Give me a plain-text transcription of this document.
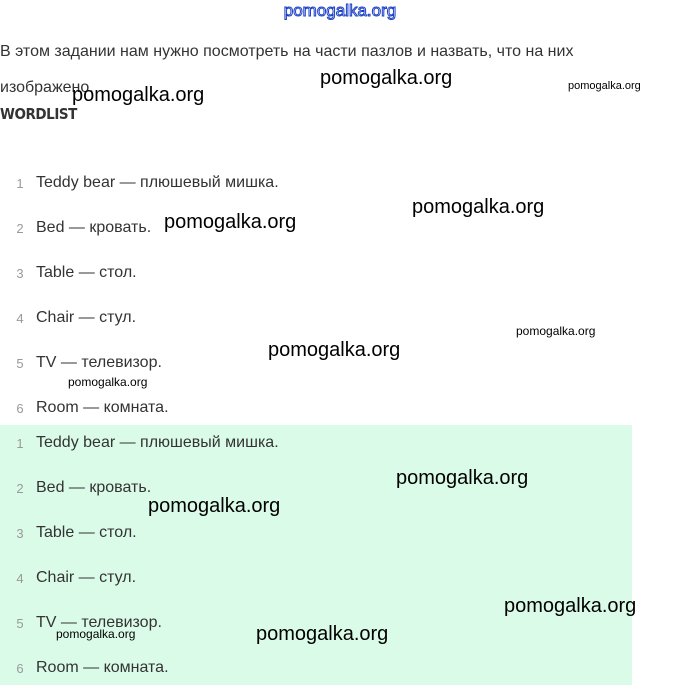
pomogalka.org
В этом задании нам нужно посмотреть на части пазлов и назвать, что на них
изображено.
WORDLIST

1 Teddy bear — плюшевый мишка.
2 Bed — кровать.
3 Table — стол.
4 Chair — стул.
5 TV — телевизор.
6 Room — комната.
1 Teddy bear — плюшевый мишка.
2 Bed — кровать.
3 Table — стол.
4 Chair — стул.
5 TV — телевизор.
6 Room — комната.
pomogalka.org	pomogalka.org
pomogalka.org
pomogalka.org
pomogalka.org
pomogalka.org
pomogalka.org
pomogalka.org
pomogalka.org
pomogalka.org
pomogalka.org
pomogalka.org
pomogalka.org
